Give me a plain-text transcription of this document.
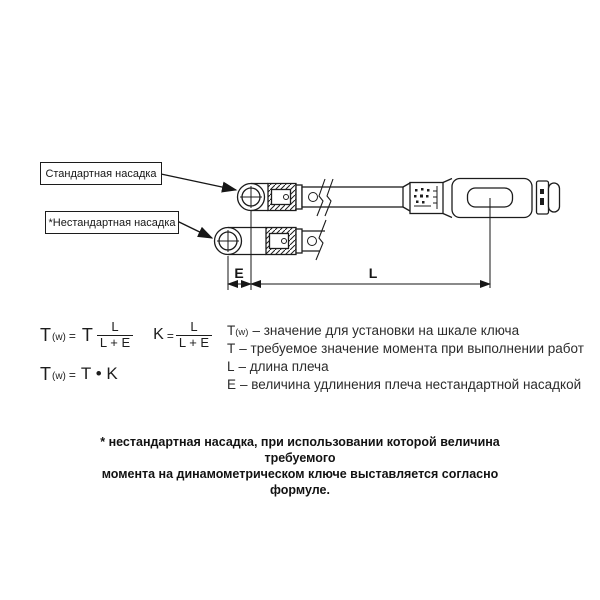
E	L
Стандартная насадка
*Нестандартная насадка
T (w) = T $\frac{L}{L + E}$ $K = \frac{L}{L + E}$
T (w) = T • K
T(w) – значение для установки на шкале ключа
T – требуемое значение момента при выполнении работ
L – длина плеча
E – величина удлинения плеча нестандартной насадкой
* нестандартная насадка, при использовании которой величина требуемого
момента на динамометрическом ключе выставляется согласно формуле.
